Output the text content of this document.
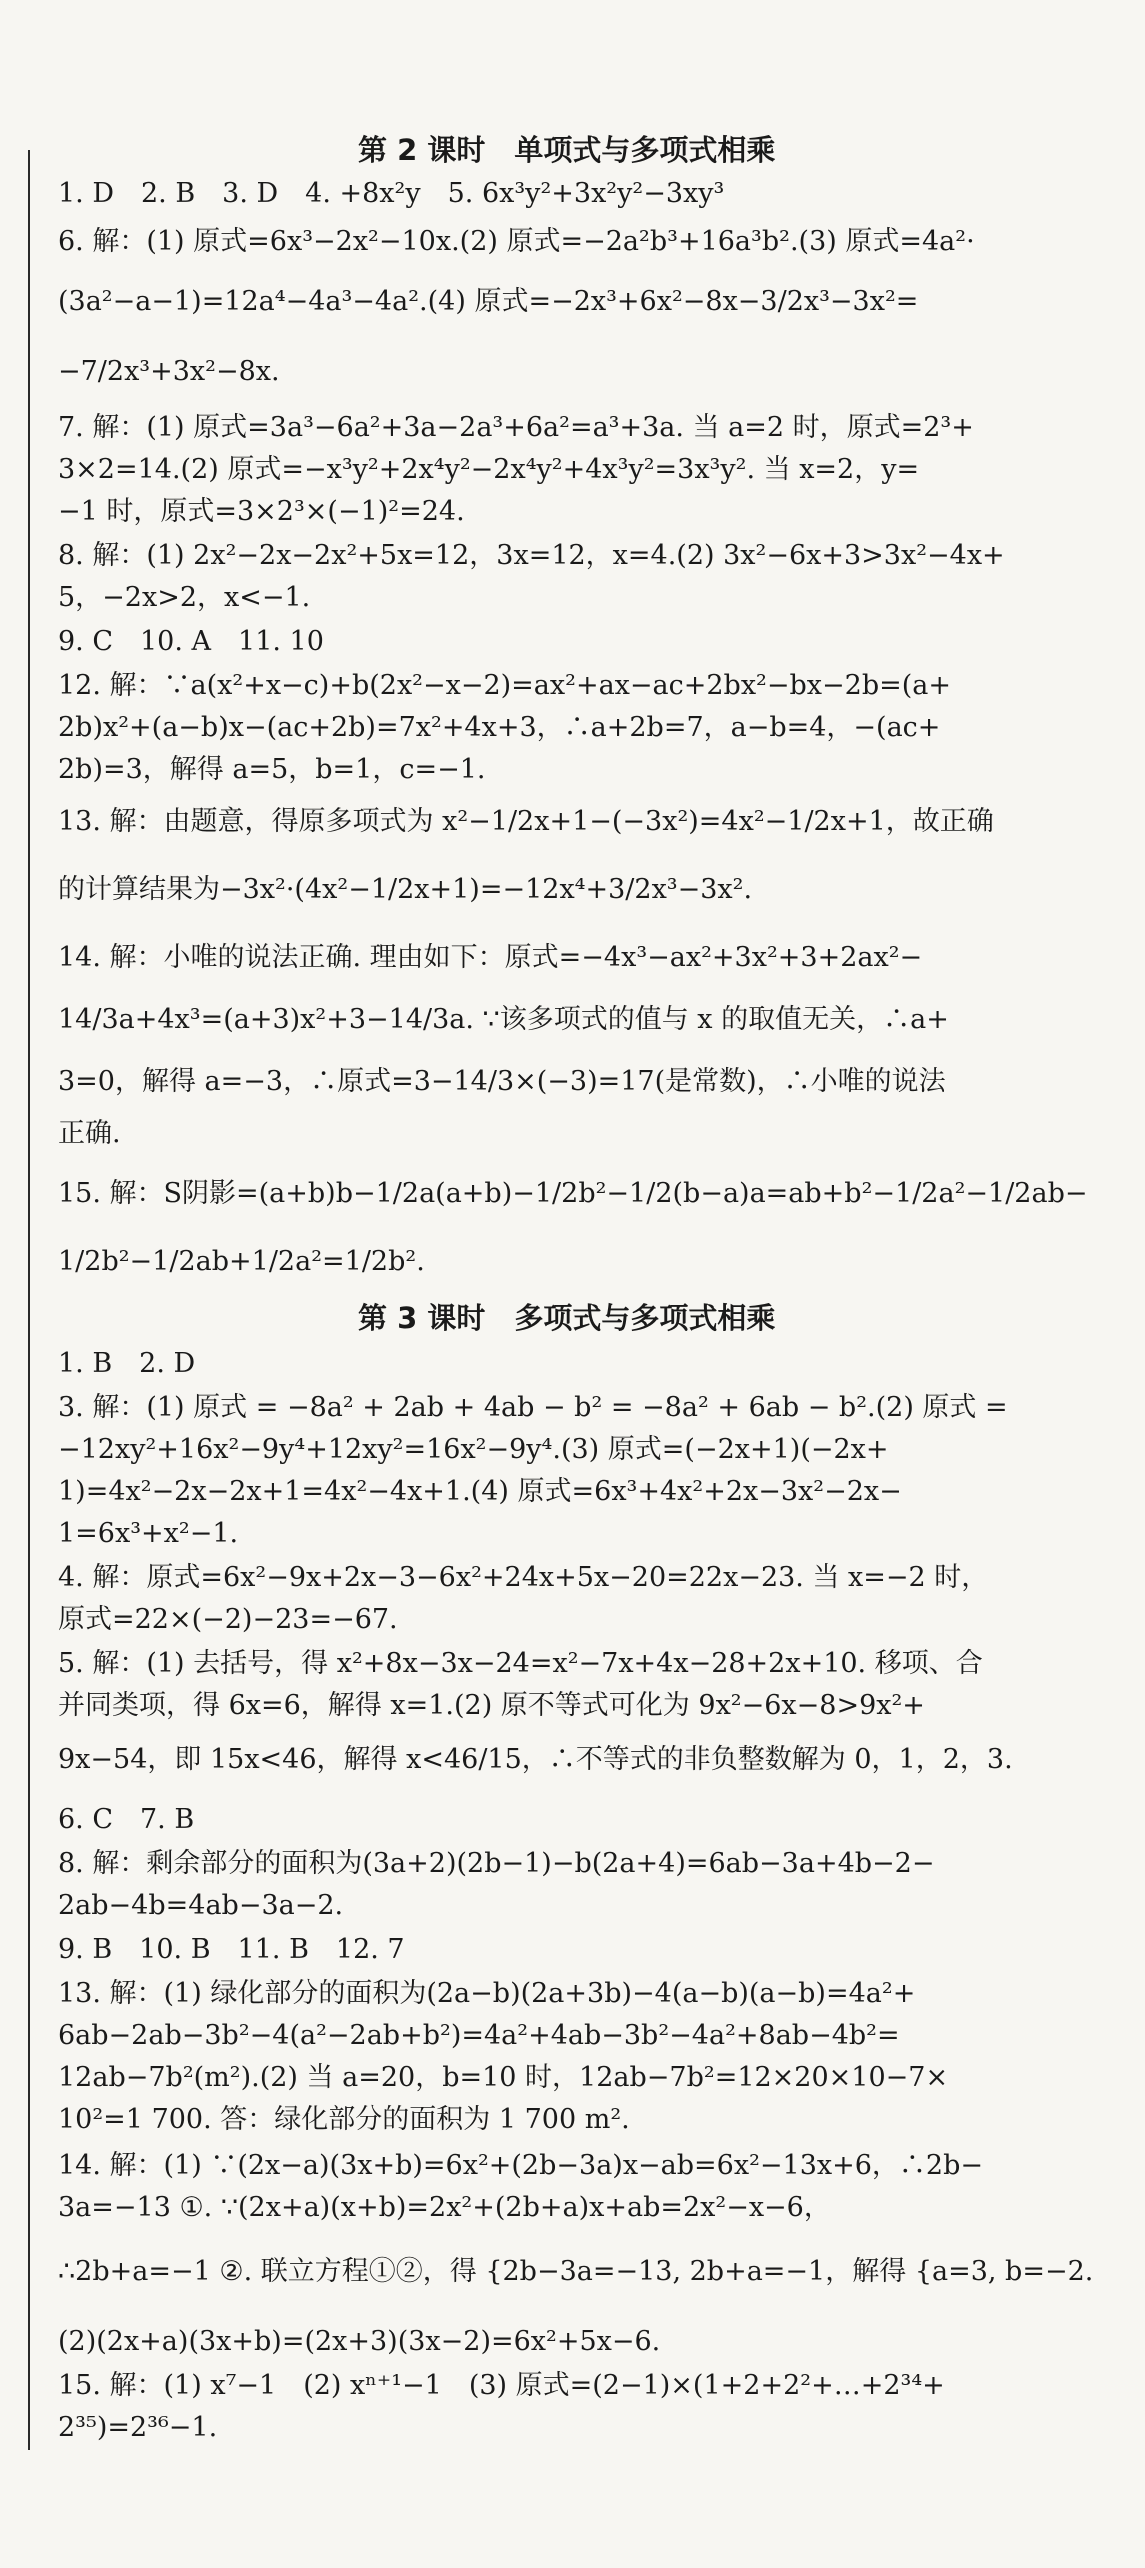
第 2 课时　单项式与多项式相乘
1. D　2. B　3. D　4. +8x²y　5. 6x³y²+3x²y²−3xy³
6. 解：(1) 原式=6x³−2x²−10x.(2) 原式=−2a²b³+16a³b².(3) 原式=4a²·
(3a²−a−1)=12a⁴−4a³−4a².(4) 原式=−2x³+6x²−8x−3/2x³−3x²=
−7/2x³+3x²−8x.
7. 解：(1) 原式=3a³−6a²+3a−2a³+6a²=a³+3a. 当 a=2 时，原式=2³+
3×2=14.(2) 原式=−x³y²+2x⁴y²−2x⁴y²+4x³y²=3x³y². 当 x=2，y=
−1 时，原式=3×2³×(−1)²=24.
8. 解：(1) 2x²−2x−2x²+5x=12，3x=12，x=4.(2) 3x²−6x+3>3x²−4x+
5，−2x>2，x<−1.
9. C　10. A　11. 10
12. 解：∵a(x²+x−c)+b(2x²−x−2)=ax²+ax−ac+2bx²−bx−2b=(a+
2b)x²+(a−b)x−(ac+2b)=7x²+4x+3，∴a+2b=7，a−b=4，−(ac+
2b)=3，解得 a=5，b=1，c=−1.
13. 解：由题意，得原多项式为 x²−1/2x+1−(−3x²)=4x²−1/2x+1，故正确
的计算结果为−3x²·(4x²−1/2x+1)=−12x⁴+3/2x³−3x².
14. 解：小唯的说法正确. 理由如下：原式=−4x³−ax²+3x²+3+2ax²−
14/3a+4x³=(a+3)x²+3−14/3a. ∵该多项式的值与 x 的取值无关，∴a+
3=0，解得 a=−3，∴原式=3−14/3×(−3)=17(是常数)，∴小唯的说法
正确.
15. 解：S阴影=(a+b)b−1/2a(a+b)−1/2b²−1/2(b−a)a=ab+b²−1/2a²−1/2ab−
1/2b²−1/2ab+1/2a²=1/2b².
第 3 课时　多项式与多项式相乘
1. B　2. D
3. 解：(1) 原式 = −8a² + 2ab + 4ab − b² = −8a² + 6ab − b².(2) 原式 =
−12xy²+16x²−9y⁴+12xy²=16x²−9y⁴.(3) 原式=(−2x+1)(−2x+
1)=4x²−2x−2x+1=4x²−4x+1.(4) 原式=6x³+4x²+2x−3x²−2x−
1=6x³+x²−1.
4. 解：原式=6x²−9x+2x−3−6x²+24x+5x−20=22x−23. 当 x=−2 时，
原式=22×(−2)−23=−67.
5. 解：(1) 去括号，得 x²+8x−3x−24=x²−7x+4x−28+2x+10. 移项、合
并同类项，得 6x=6，解得 x=1.(2) 原不等式可化为 9x²−6x−8>9x²+
9x−54，即 15x<46，解得 x<46/15，∴不等式的非负整数解为 0，1，2，3.
6. C　7. B
8. 解：剩余部分的面积为(3a+2)(2b−1)−b(2a+4)=6ab−3a+4b−2−
2ab−4b=4ab−3a−2.
9. B　10. B　11. B　12. 7
13. 解：(1) 绿化部分的面积为(2a−b)(2a+3b)−4(a−b)(a−b)=4a²+
6ab−2ab−3b²−4(a²−2ab+b²)=4a²+4ab−3b²−4a²+8ab−4b²=
12ab−7b²(m²).(2) 当 a=20，b=10 时，12ab−7b²=12×20×10−7×
10²=1 700. 答：绿化部分的面积为 1 700 m².
14. 解：(1) ∵(2x−a)(3x+b)=6x²+(2b−3a)x−ab=6x²−13x+6，∴2b−
3a=−13 ①. ∵(2x+a)(x+b)=2x²+(2b+a)x+ab=2x²−x−6，
∴2b+a=−1 ②. 联立方程①②，得 {2b−3a=−13, 2b+a=−1，解得 {a=3, b=−2.
(2)(2x+a)(3x+b)=(2x+3)(3x−2)=6x²+5x−6.
15. 解：(1) x⁷−1　(2) xⁿ⁺¹−1　(3) 原式=(2−1)×(1+2+2²+…+2³⁴+
2³⁵)=2³⁶−1.
